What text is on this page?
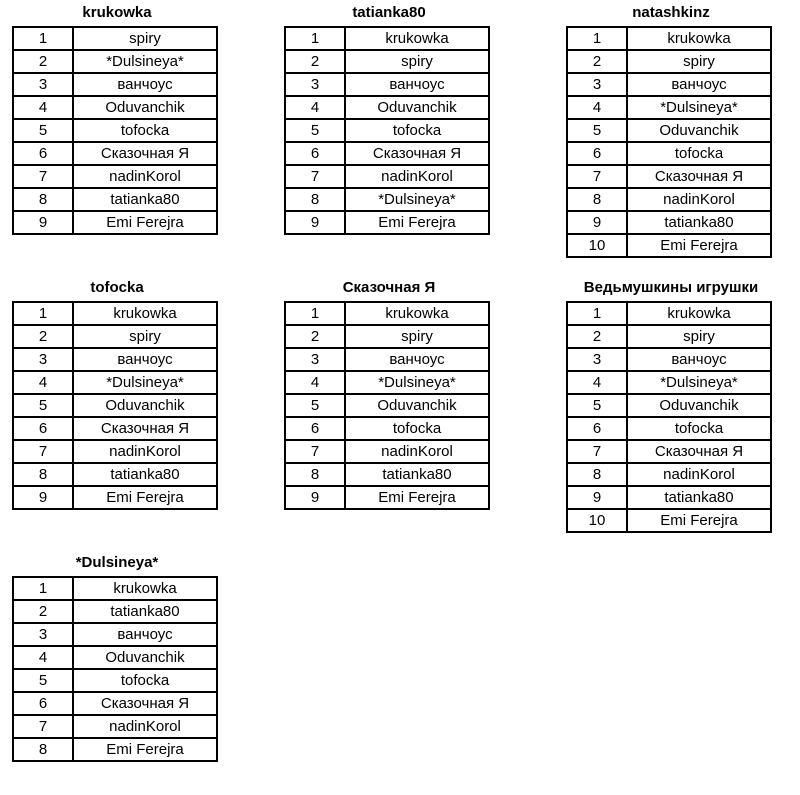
krukowka
1	spiry
2	*Dulsineya*
3	ванчоус
4	Oduvanchik
5	tofocka
6	Сказочная Я
7	nadinKorol
8	tatianka80
9	Emi Ferejra
tatianka80
1	krukowka
2	spiry
3	ванчоус
4	Oduvanchik
5	tofocka
6	Сказочная Я
7	nadinKorol
8	*Dulsineya*
9	Emi Ferejra
natashkinz
1	krukowka
2	spiry
3	ванчоус
4	*Dulsineya*
5	Oduvanchik
6	tofocka
7	Сказочная Я
8	nadinKorol
9	tatianka80
10	Emi Ferejra
tofocka
1	krukowka
2	spiry
3	ванчоус
4	*Dulsineya*
5	Oduvanchik
6	Сказочная Я
7	nadinKorol
8	tatianka80
9	Emi Ferejra
Сказочная Я
1	krukowka
2	spiry
3	ванчоус
4	*Dulsineya*
5	Oduvanchik
6	tofocka
7	nadinKorol
8	tatianka80
9	Emi Ferejra
Ведьмушкины игрушки
1	krukowka
2	spiry
3	ванчоус
4	*Dulsineya*
5	Oduvanchik
6	tofocka
7	Сказочная Я
8	nadinKorol
9	tatianka80
10	Emi Ferejra
*Dulsineya*
1	krukowka
2	tatianka80
3	ванчоус
4	Oduvanchik
5	tofocka
6	Сказочная Я
7	nadinKorol
8	Emi Ferejra
